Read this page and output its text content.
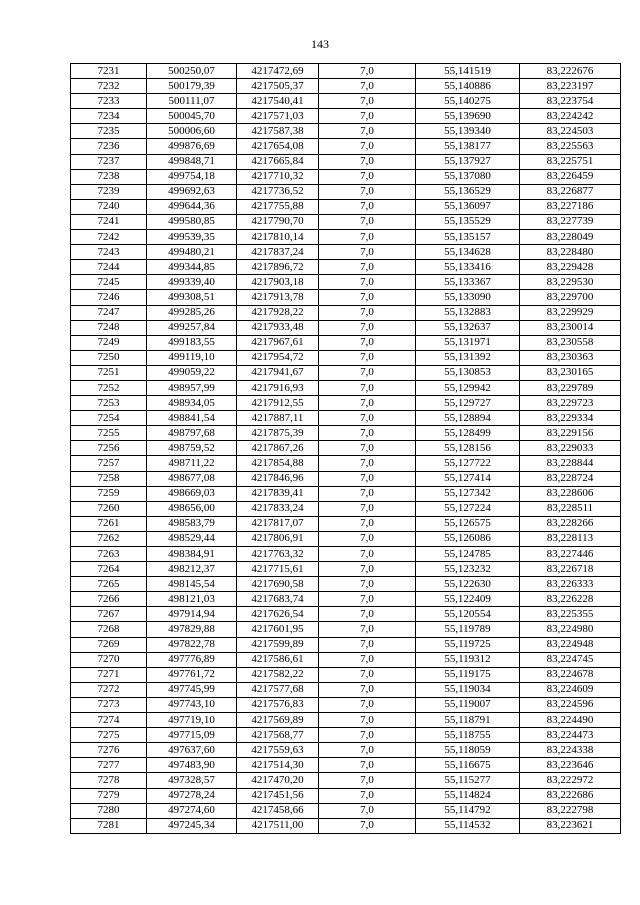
143
7231	500250,07	4217472,69	7,0	55,141519	83,222676
7232	500179,39	4217505,37	7,0	55,140886	83,223197
7233	500111,07	4217540,41	7,0	55,140275	83,223754
7234	500045,70	4217571,03	7,0	55,139690	83,224242
7235	500006,60	4217587,38	7,0	55,139340	83,224503
7236	499876,69	4217654,08	7,0	55,138177	83,225563
7237	499848,71	4217665,84	7,0	55,137927	83,225751
7238	499754,18	4217710,32	7,0	55,137080	83,226459
7239	499692,63	4217736,52	7,0	55,136529	83,226877
7240	499644,36	4217755,88	7,0	55,136097	83,227186
7241	499580,85	4217790,70	7,0	55,135529	83,227739
7242	499539,35	4217810,14	7,0	55,135157	83,228049
7243	499480,21	4217837,24	7,0	55,134628	83,228480
7244	499344,85	4217896,72	7,0	55,133416	83,229428
7245	499339,40	4217903,18	7,0	55,133367	83,229530
7246	499308,51	4217913,78	7,0	55,133090	83,229700
7247	499285,26	4217928,22	7,0	55,132883	83,229929
7248	499257,84	4217933,48	7,0	55,132637	83,230014
7249	499183,55	4217967,61	7,0	55,131971	83,230558
7250	499119,10	4217954,72	7,0	55,131392	83,230363
7251	499059,22	4217941,67	7,0	55,130853	83,230165
7252	498957,99	4217916,93	7,0	55,129942	83,229789
7253	498934,05	4217912,55	7,0	55,129727	83,229723
7254	498841,54	4217887,11	7,0	55,128894	83,229334
7255	498797,68	4217875,39	7,0	55,128499	83,229156
7256	498759,52	4217867,26	7,0	55,128156	83,229033
7257	498711,22	4217854,88	7,0	55,127722	83,228844
7258	498677,08	4217846,96	7,0	55,127414	83,228724
7259	498669,03	4217839,41	7,0	55,127342	83,228606
7260	498656,00	4217833,24	7,0	55,127224	83,228511
7261	498583,79	4217817,07	7,0	55,126575	83,228266
7262	498529,44	4217806,91	7,0	55,126086	83,228113
7263	498384,91	4217763,32	7,0	55,124785	83,227446
7264	498212,37	4217715,61	7,0	55,123232	83,226718
7265	498145,54	4217690,58	7,0	55,122630	83,226333
7266	498121,03	4217683,74	7,0	55,122409	83,226228
7267	497914,94	4217626,54	7,0	55,120554	83,225355
7268	497829,88	4217601,95	7,0	55,119789	83,224980
7269	497822,78	4217599,89	7,0	55,119725	83,224948
7270	497776,89	4217586,61	7,0	55,119312	83,224745
7271	497761,72	4217582,22	7,0	55,119175	83,224678
7272	497745,99	4217577,68	7,0	55,119034	83,224609
7273	497743,10	4217576,83	7,0	55,119007	83,224596
7274	497719,10	4217569,89	7,0	55,118791	83,224490
7275	497715,09	4217568,77	7,0	55,118755	83,224473
7276	497637,60	4217559,63	7,0	55,118059	83,224338
7277	497483,90	4217514,30	7,0	55,116675	83,223646
7278	497328,57	4217470,20	7,0	55,115277	83,222972
7279	497278,24	4217451,56	7,0	55,114824	83,222686
7280	497274,60	4217458,66	7,0	55,114792	83,222798
7281	497245,34	4217511,00	7,0	55,114532	83,223621
